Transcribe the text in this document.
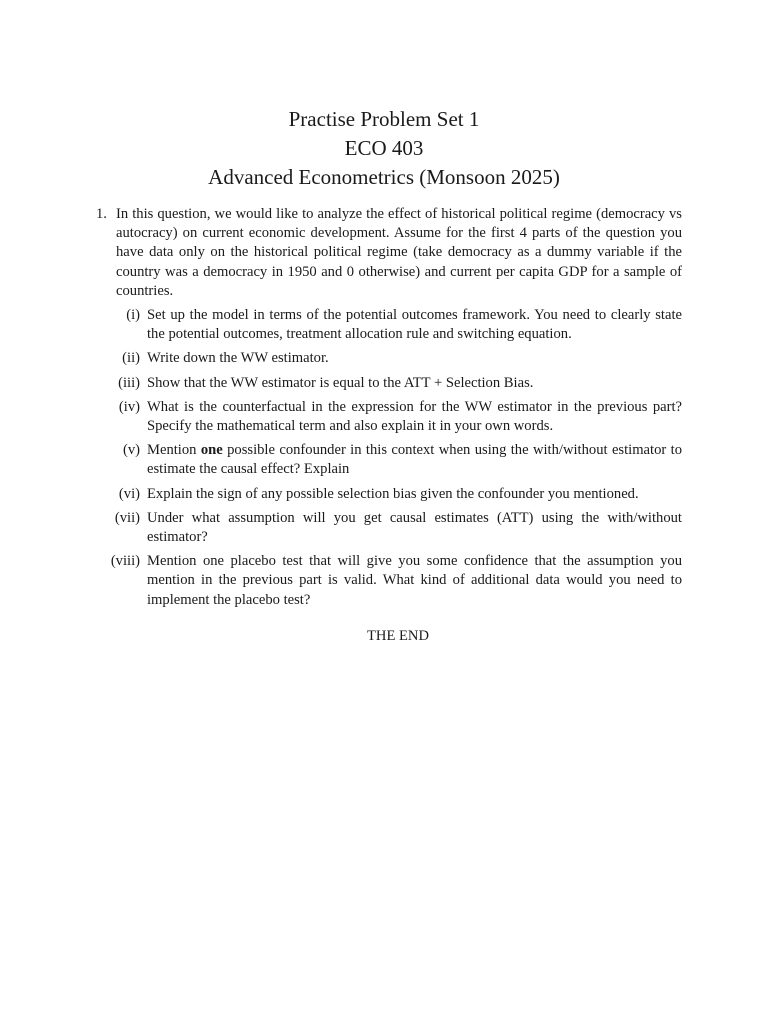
Practise Problem Set 1

ECO 403

Advanced Econometrics (Monsoon 2025)

1. In this question, we would like to analyze the effect of historical political regime (democracy vs autocracy) on current economic development. Assume for the first 4 parts of the question you have data only on the historical political regime (take democracy as a dummy variable if the country was a democracy in 1950 and 0 otherwise) and current per capita GDP for a sample of countries.
(i) Set up the model in terms of the potential outcomes framework. You need to clearly state the potential outcomes, treatment allocation rule and switching equation.
(ii) Write down the WW estimator.
(iii) Show that the WW estimator is equal to the ATT + Selection Bias.
(iv) What is the counterfactual in the expression for the WW estimator in the previous part? Specify the mathematical term and also explain it in your own words.
(v) Mention one possible confounder in this context when using the with/without estimator to estimate the causal effect? Explain
(vi) Explain the sign of any possible selection bias given the confounder you mentioned.
(vii) Under what assumption will you get causal estimates (ATT) using the with/without estimator?
(viii) Mention one placebo test that will give you some confidence that the assumption you mention in the previous part is valid. What kind of additional data would you need to implement the placebo test?
THE END
